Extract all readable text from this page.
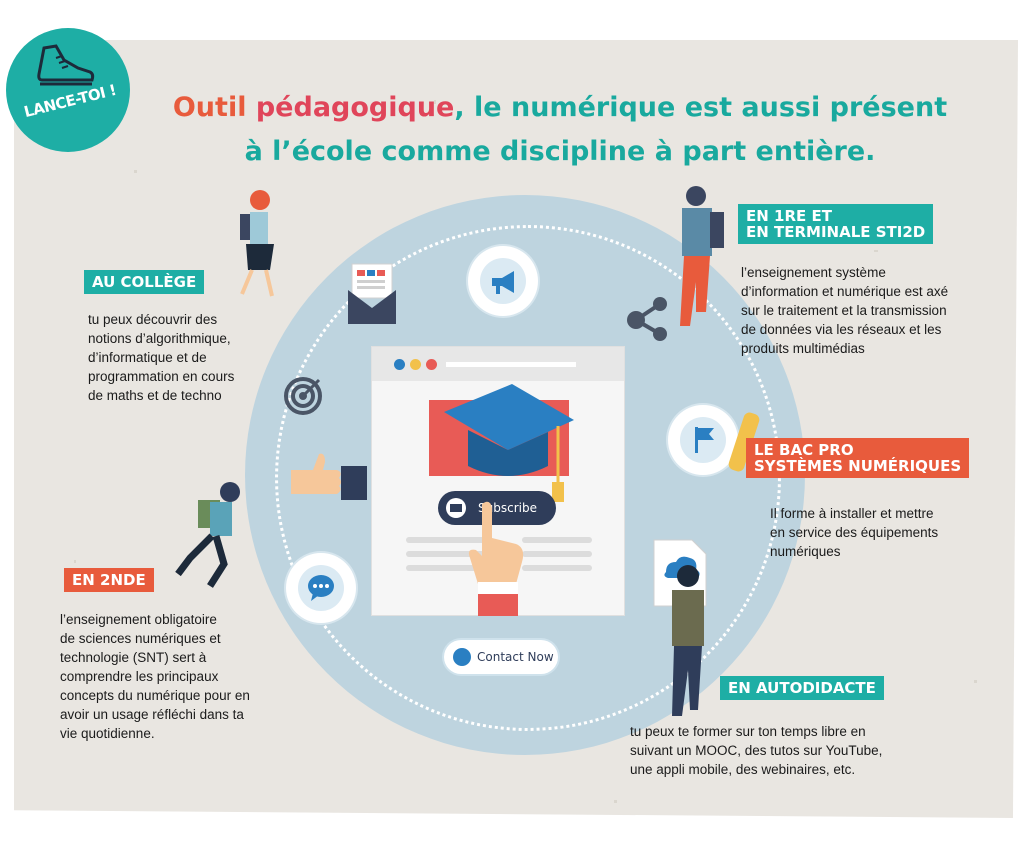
LANCE-TOI !	Outil pédagogique, le numérique est aussi présent
à l’école comme discipline à part entière.
Subscribe
Contact Now
AU COLLÈGE
tu peux découvrir des
notions d’algorithmique,
d’informatique et de
programmation en cours
de maths et de techno
EN 2NDE
l’enseignement obligatoire
de sciences numériques et
technologie (SNT) sert à
comprendre les principaux
concepts du numérique pour en
avoir un usage réfléchi dans ta
vie quotidienne.
EN 1RE ET
EN TERMINALE STI2D
l’enseignement système
d’information et numérique est axé
sur le traitement et la transmission
de données via les réseaux et les
produits multimédias
LE BAC PRO
SYSTÈMES NUMÉRIQUES
Il forme à installer et mettre
en service des équipements
numériques
EN AUTODIDACTE
tu peux te former sur ton temps libre en
suivant un MOOC, des tutos sur YouTube,
une appli mobile, des webinaires, etc.
